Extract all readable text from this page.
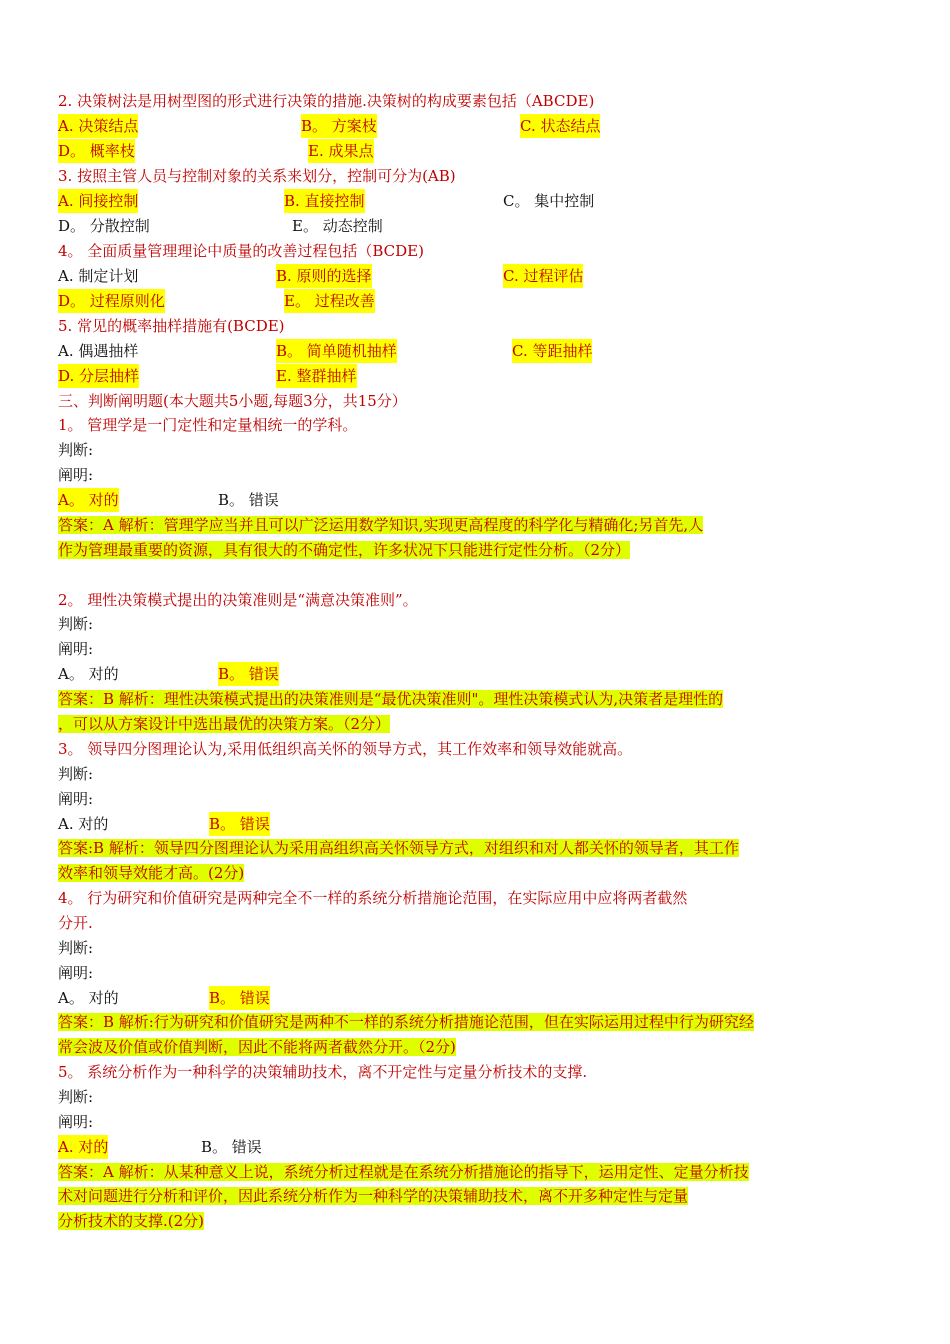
2. 决策树法是用树型图的形式进行决策的措施.决策树的构成要素包括（ABCDE)
A. 决策结点	B。 方案枝	C. 状态结点
D。 概率枝	E. 成果点
3. 按照主管人员与控制对象的关系来划分，控制可分为(AB)
A. 间接控制	B. 直接控制	C。 集中控制
D。 分散控制	E。 动态控制
4。 全面质量管理理论中质量的改善过程包括（BCDE)
A. 制定计划	B. 原则的选择	C. 过程评估
D。 过程原则化	E。 过程改善
5. 常见的概率抽样措施有(BCDE)
A. 偶遇抽样	B。 简单随机抽样	C. 等距抽样
D. 分层抽样	E. 整群抽样
三、判断阐明题(本大题共5小题,每题3分，共15分）
1。 管理学是一门定性和定量相统一的学科。
判断:
阐明:
A。 对的	B。 错误
答案：A 解析：管理学应当并且可以广泛运用数学知识,实现更高程度的科学化与精确化;另首先,人
作为管理最重要的资源，具有很大的不确定性，许多状况下只能进行定性分析。（2分）
2。 理性决策模式提出的决策准则是“满意决策准则”。
判断:
阐明:
A。 对的	B。 错误
答案：B 解析：理性决策模式提出的决策准则是“最优决策准则"。理性决策模式认为,决策者是理性的
，可以从方案设计中选出最优的决策方案。（2分）
3。 领导四分图理论认为,采用低组织高关怀的领导方式，其工作效率和领导效能就高。
判断:
阐明:
A. 对的	B。 错误
答案:B 解析：领导四分图理论认为采用高组织高关怀领导方式，对组织和对人都关怀的领导者，其工作
效率和领导效能才高。(2分)
4。 行为研究和价值研究是两种完全不一样的系统分析措施论范围，在实际应用中应将两者截然
分开.
判断:
阐明:
A。 对的	B。 错误
答案：B 解析:行为研究和价值研究是两种不一样的系统分析措施论范围，但在实际运用过程中行为研究经
常会波及价值或价值判断，因此不能将两者截然分开。（2分)
5。 系统分析作为一种科学的决策辅助技术，离不开定性与定量分析技术的支撑.
判断:
阐明:
A. 对的	B。 错误
答案：A 解析：从某种意义上说，系统分析过程就是在系统分析措施论的指导下，运用定性、定量分析技
术对问题进行分析和评价，因此系统分析作为一种科学的决策辅助技术，离不开多种定性与定量
分析技术的支撑.(2分)
